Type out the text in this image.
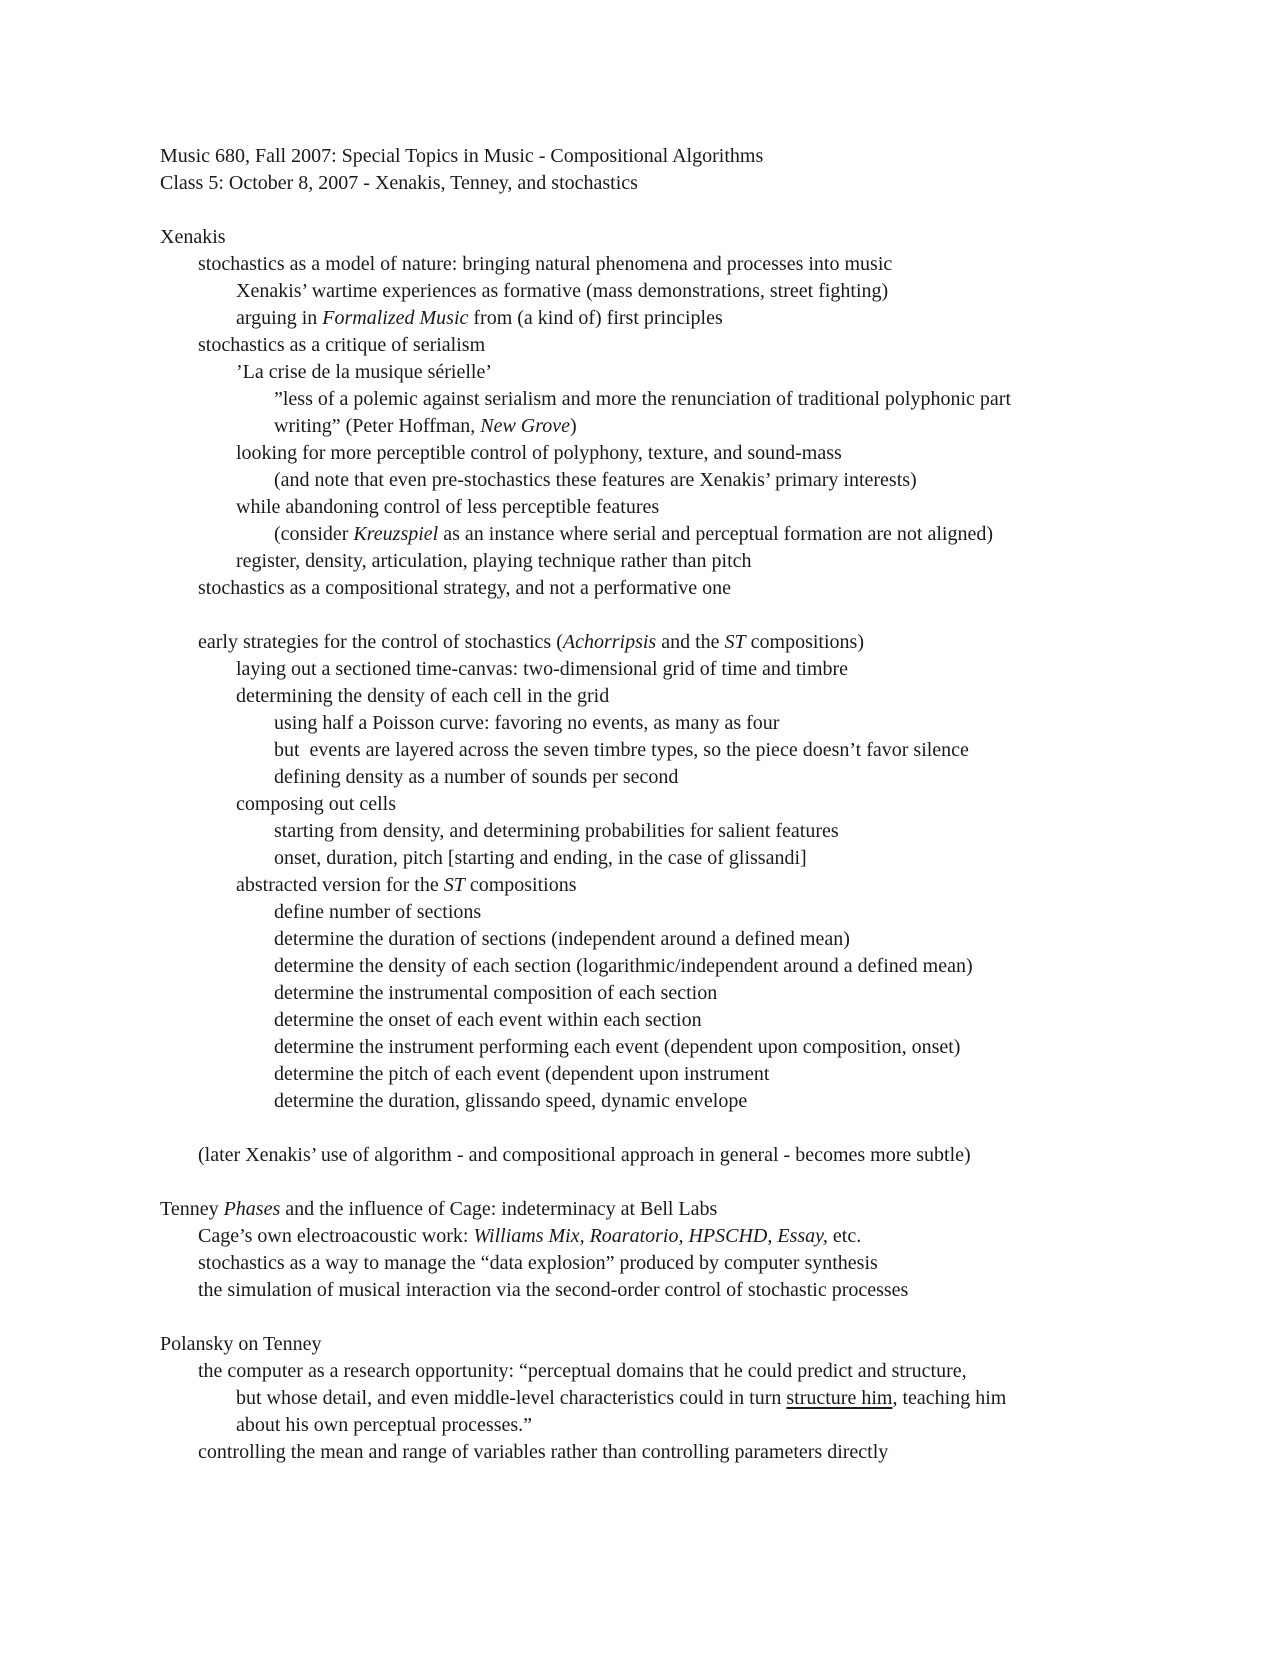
Music 680, Fall 2007: Special Topics in Music - Compositional Algorithms
Class 5: October 8, 2007 - Xenakis, Tenney, and stochastics
Xenakis
stochastics as a model of nature: bringing natural phenomena and processes into music
Xenakis’ wartime experiences as formative (mass demonstrations, street fighting)
arguing in Formalized Music from (a kind of) first principles
stochastics as a critique of serialism
’La crise de la musique sérielle’
”less of a polemic against serialism and more the renunciation of traditional polyphonic part
writing” (Peter Hoffman, New Grove)
looking for more perceptible control of polyphony, texture, and sound-mass
(and note that even pre-stochastics these features are Xenakis’ primary interests)
while abandoning control of less perceptible features
(consider Kreuzspiel as an instance where serial and perceptual formation are not aligned)
register, density, articulation, playing technique rather than pitch
stochastics as a compositional strategy, and not a performative one
early strategies for the control of stochastics (Achorripsis and the ST compositions)
laying out a sectioned time-canvas: two-dimensional grid of time and timbre
determining the density of each cell in the grid
using half a Poisson curve: favoring no events, as many as four
but  events are layered across the seven timbre types, so the piece doesn’t favor silence
defining density as a number of sounds per second
composing out cells
starting from density, and determining probabilities for salient features
onset, duration, pitch [starting and ending, in the case of glissandi]
abstracted version for the ST compositions
define number of sections
determine the duration of sections (independent around a defined mean)
determine the density of each section (logarithmic/independent around a defined mean)
determine the instrumental composition of each section
determine the onset of each event within each section
determine the instrument performing each event (dependent upon composition, onset)
determine the pitch of each event (dependent upon instrument
determine the duration, glissando speed, dynamic envelope
(later Xenakis’ use of algorithm - and compositional approach in general - becomes more subtle)
Tenney Phases and the influence of Cage: indeterminacy at Bell Labs
Cage’s own electroacoustic work: Williams Mix, Roaratorio, HPSCHD, Essay, etc.
stochastics as a way to manage the “data explosion” produced by computer synthesis
the simulation of musical interaction via the second-order control of stochastic processes
Polansky on Tenney
the computer as a research opportunity: “perceptual domains that he could predict and structure,
but whose detail, and even middle-level characteristics could in turn structure him, teaching him
about his own perceptual processes.”
controlling the mean and range of variables rather than controlling parameters directly
